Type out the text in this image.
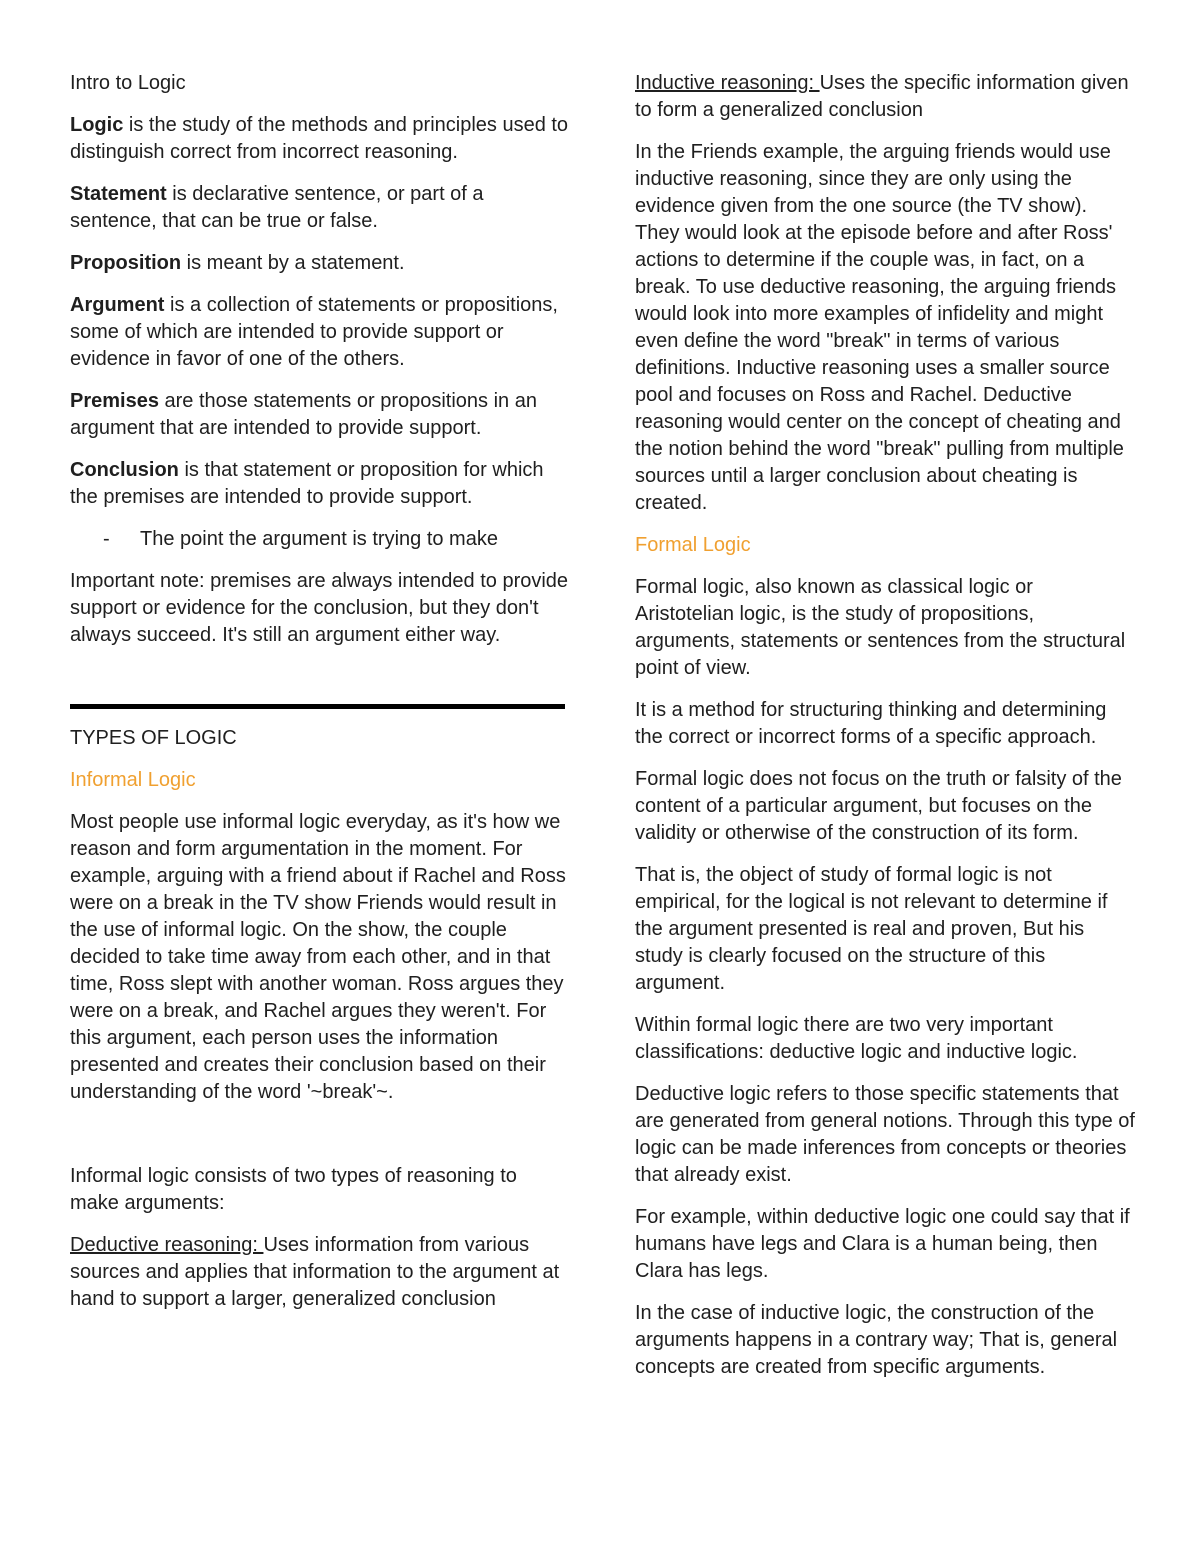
Intro to Logic

Logic is the study of the methods and principles used to distinguish correct from incorrect reasoning.

Statement is declarative sentence, or part of a sentence, that can be true or false.

Proposition is meant by a statement.

Argument is a collection of statements or propositions, some of which are intended to provide support or evidence in favor of one of the others.

Premises are those statements or propositions in an argument that are intended to provide support.

Conclusion is that statement or proposition for which the premises are intended to provide support.

-	The point the argument is trying to make

Important note: premises are always intended to provide support or evidence for the conclusion, but they don't always succeed. It's still an argument either way.

TYPES OF LOGIC

Informal Logic

Most people use informal logic everyday, as it's how we reason and form argumentation in the moment. For example, arguing with a friend about if Rachel and Ross were on a break in the TV show Friends would result in the use of informal logic. On the show, the couple decided to take time away from each other, and in that time, Ross slept with another woman. Ross argues they were on a break, and Rachel argues they weren't. For this argument, each person uses the information presented and creates their conclusion based on their understanding of the word '~break'~.

Informal logic consists of two types of reasoning to make arguments:

Deductive reasoning: Uses information from various sources and applies that information to the argument at hand to support a larger, generalized conclusion

Inductive reasoning: Uses the specific information given to form a generalized conclusion

In the Friends example, the arguing friends would use inductive reasoning, since they are only using the evidence given from the one source (the TV show). They would look at the episode before and after Ross' actions to determine if the couple was, in fact, on a break. To use deductive reasoning, the arguing friends would look into more examples of infidelity and might even define the word "break" in terms of various definitions. Inductive reasoning uses a smaller source pool and focuses on Ross and Rachel. Deductive reasoning would center on the concept of cheating and the notion behind the word "break" pulling from multiple sources until a larger conclusion about cheating is created.

Formal Logic

Formal logic, also known as classical logic or Aristotelian logic, is the study of propositions, arguments, statements or sentences from the structural point of view.

It is a method for structuring thinking and determining the correct or incorrect forms of a specific approach.

Formal logic does not focus on the truth or falsity of the content of a particular argument, but focuses on the validity or otherwise of the construction of its form.

That is, the object of study of formal logic is not empirical, for the logical is not relevant to determine if the argument presented is real and proven, But his study is clearly focused on the structure of this argument.

Within formal logic there are two very important classifications: deductive logic and inductive logic.

Deductive logic refers to those specific statements that are generated from general notions. Through this type of logic can be made inferences from concepts or theories that already exist.

For example, within deductive logic one could say that if humans have legs and Clara is a human being, then Clara has legs.

In the case of inductive logic, the construction of the arguments happens in a contrary way; That is, general concepts are created from specific arguments.
